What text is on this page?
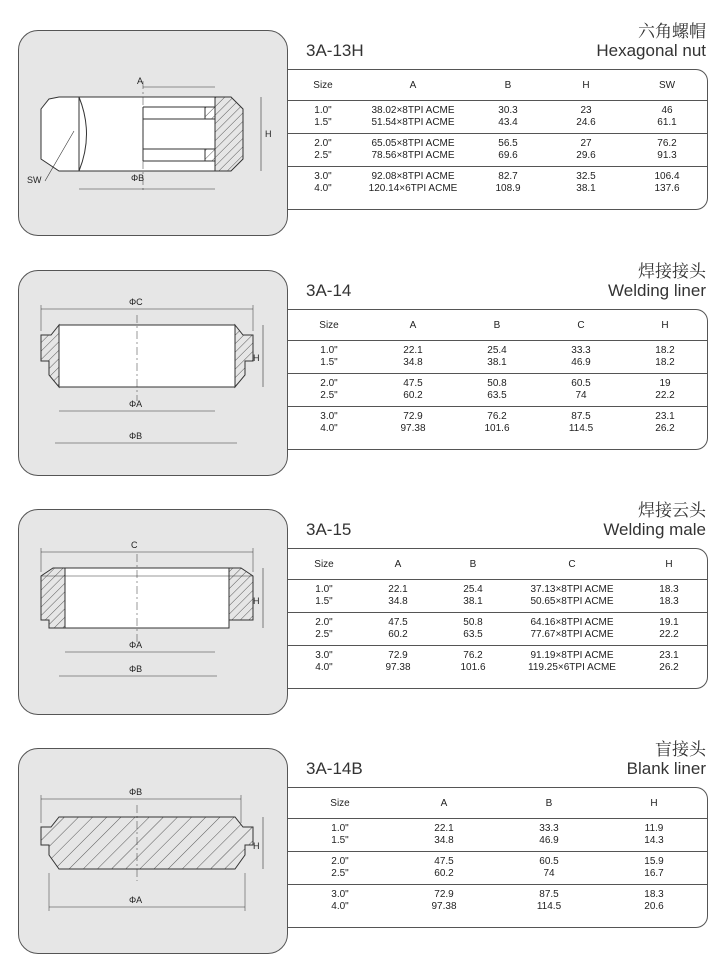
六角螺帽
3A-13H	Hexagonal nut
A
H
SW	ΦB
Size	A	B	H	SW
1.0"	38.02×8TPI ACME	30.3	23	46
1.5"	51.54×8TPI ACME	43.4	24.6	61.1
2.0"	65.05×8TPI ACME	56.5	27	76.2
2.5"	78.56×8TPI ACME	69.6	29.6	91.3
3.0"	92.08×8TPI ACME	82.7	32.5	106.4
4.0"	120.14×6TPI ACME	108.9	38.1	137.6
焊接接头
3A-14	Welding liner
ΦC
H
ΦA
ΦB
Size	A	B	C	H
1.0"	22.1	25.4	33.3	18.2
1.5"	34.8	38.1	46.9	18.2
2.0"	47.5	50.8	60.5	19
2.5"	60.2	63.5	74	22.2
3.0"	72.9	76.2	87.5	23.1
4.0"	97.38	101.6	114.5	26.2
焊接云头
3A-15	Welding male
C
H
ΦA
ΦB
Size	A	B	C	H
1.0"	22.1	25.4	37.13×8TPI ACME	18.3
1.5"	34.8	38.1	50.65×8TPI ACME	18.3
2.0"	47.5	50.8	64.16×8TPI ACME	19.1
2.5"	60.2	63.5	77.67×8TPI ACME	22.2
3.0"	72.9	76.2	91.19×8TPI ACME	23.1
4.0"	97.38	101.6	119.25×6TPI ACME	26.2
盲接头
3A-14B	Blank liner
ΦB
H
ΦA
Size	A	B	H
1.0"	22.1	33.3	11.9
1.5"	34.8	46.9	14.3
2.0"	47.5	60.5	15.9
2.5"	60.2	74	16.7
3.0"	72.9	87.5	18.3
4.0"	97.38	114.5	20.6
